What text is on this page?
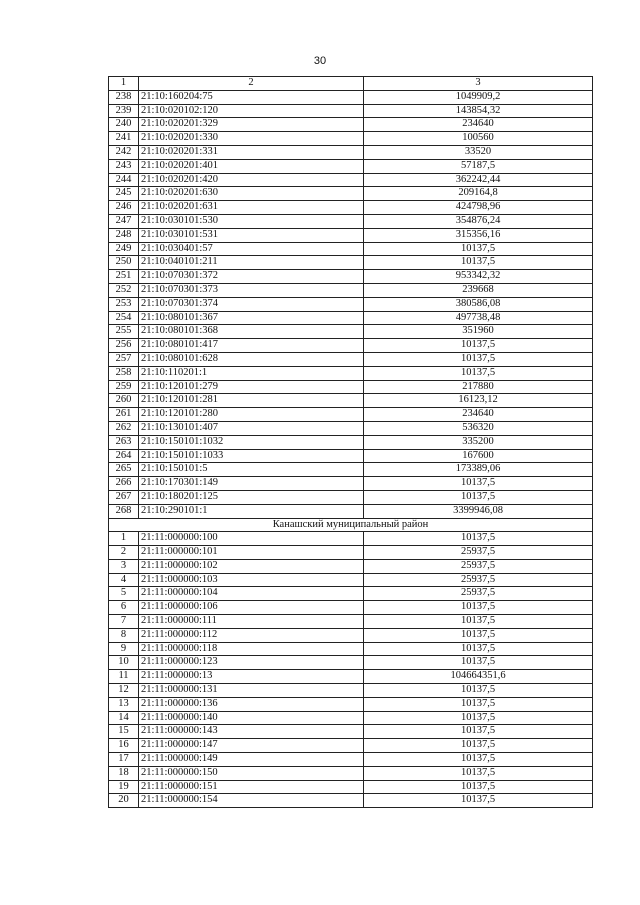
30
1	2	3
238	21:10:160204:75	1049909,2
239	21:10:020102:120	143854,32
240	21:10:020201:329	234640
241	21:10:020201:330	100560
242	21:10:020201:331	33520
243	21:10:020201:401	57187,5
244	21:10:020201:420	362242,44
245	21:10:020201:630	209164,8
246	21:10:020201:631	424798,96
247	21:10:030101:530	354876,24
248	21:10:030101:531	315356,16
249	21:10:030401:57	10137,5
250	21:10:040101:211	10137,5
251	21:10:070301:372	953342,32
252	21:10:070301:373	239668
253	21:10:070301:374	380586,08
254	21:10:080101:367	497738,48
255	21:10:080101:368	351960
256	21:10:080101:417	10137,5
257	21:10:080101:628	10137,5
258	21:10:110201:1	10137,5
259	21:10:120101:279	217880
260	21:10:120101:281	16123,12
261	21:10:120101:280	234640
262	21:10:130101:407	536320
263	21:10:150101:1032	335200
264	21:10:150101:1033	167600
265	21:10:150101:5	173389,06
266	21:10:170301:149	10137,5
267	21:10:180201:125	10137,5
268	21:10:290101:1	3399946,08
Канашский муниципальный район		
1	21:11:000000:100	10137,5
2	21:11:000000:101	25937,5
3	21:11:000000:102	25937,5
4	21:11:000000:103	25937,5
5	21:11:000000:104	25937,5
6	21:11:000000:106	10137,5
7	21:11:000000:111	10137,5
8	21:11:000000:112	10137,5
9	21:11:000000:118	10137,5
10	21:11:000000:123	10137,5
11	21:11:000000:13	104664351,6
12	21:11:000000:131	10137,5
13	21:11:000000:136	10137,5
14	21:11:000000:140	10137,5
15	21:11:000000:143	10137,5
16	21:11:000000:147	10137,5
17	21:11:000000:149	10137,5
18	21:11:000000:150	10137,5
19	21:11:000000:151	10137,5
20	21:11:000000:154	10137,5
